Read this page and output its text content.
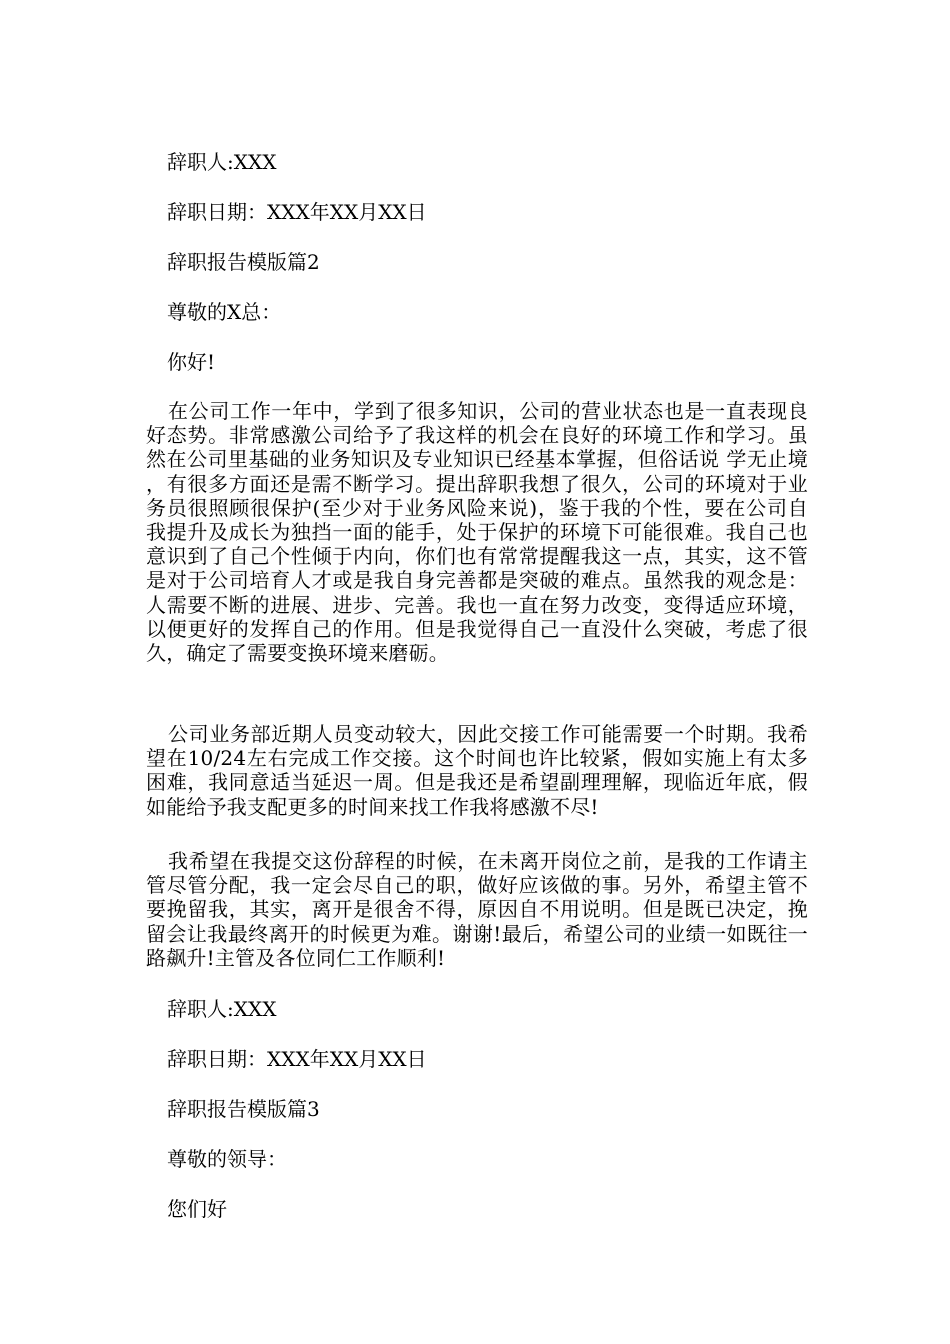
辞职人:XXX
辞职日期：XXX年XX月XX日
辞职报告模版篇2
尊敬的X总：
你好!
在公司工作一年中，学到了很多知识，公司的营业状态也是一直表现良好态势。非常感激公司给予了我这样的机会在良好的环境工作和学习。虽然在公司里基础的业务知识及专业知识已经基本掌握，但俗话说 学无止境 ，有很多方面还是需不断学习。提出辞职我想了很久，公司的环境对于业务员很照顾很保护(至少对于业务风险来说)，鉴于我的个性，要在公司自我提升及成长为独挡一面的能手，处于保护的环境下可能很难。我自己也意识到了自己个性倾于内向，你们也有常常提醒我这一点，其实，这不管是对于公司培育人才或是我自身完善都是突破的难点。虽然我的观念是：人需要不断的进展、进步、完善。我也一直在努力改变，变得适应环境，以便更好的发挥自己的作用。但是我觉得自己一直没什么突破，考虑了很久，确定了需要变换环境来磨砺。
公司业务部近期人员变动较大，因此交接工作可能需要一个时期。我希望在10/24左右完成工作交接。这个时间也许比较紧，假如实施上有太多困难，我同意适当延迟一周。但是我还是希望副理理解，现临近年底，假如能给予我支配更多的时间来找工作我将感激不尽!
我希望在我提交这份辞程的时候，在未离开岗位之前，是我的工作请主管尽管分配，我一定会尽自己的职，做好应该做的事。另外，希望主管不要挽留我，其实，离开是很舍不得，原因自不用说明。但是既已决定，挽留会让我最终离开的时候更为难。谢谢!最后，希望公司的业绩一如既往一路飙升!主管及各位同仁工作顺利!
辞职人:XXX
辞职日期：XXX年XX月XX日
辞职报告模版篇3
尊敬的领导：
您们好
